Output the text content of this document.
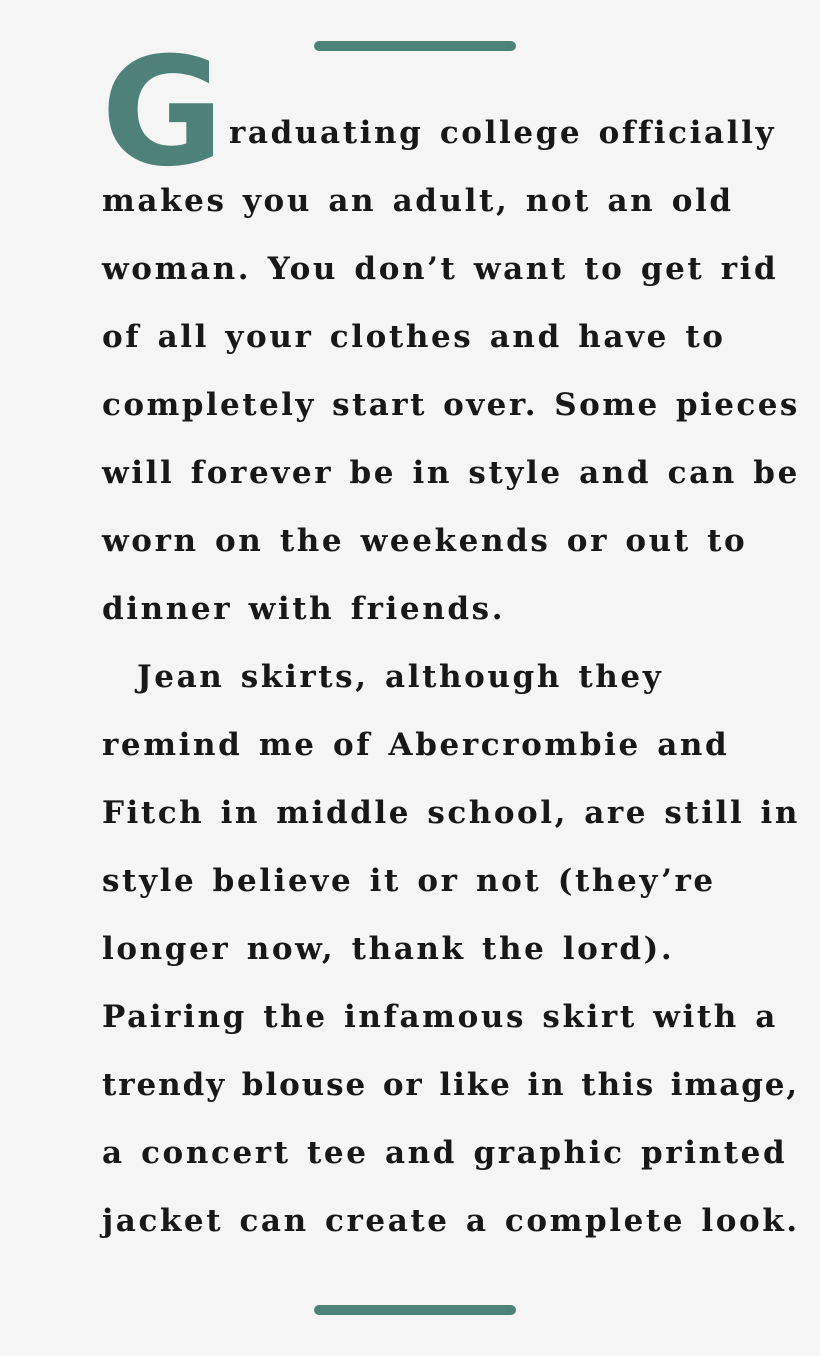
G raduating college officially
makes you an adult, not an old
woman. You don’t want to get rid
of all your clothes and have to
completely start over. Some pieces
will forever be in style and can be
worn on the weekends or out to
dinner with friends.
Jean skirts, although they
remind me of Abercrombie and
Fitch in middle school, are still in
style believe it or not (they’re
longer now, thank the lord).
Pairing the infamous skirt with a
trendy blouse or like in this image,
a concert tee and graphic printed
jacket can create a complete look.
